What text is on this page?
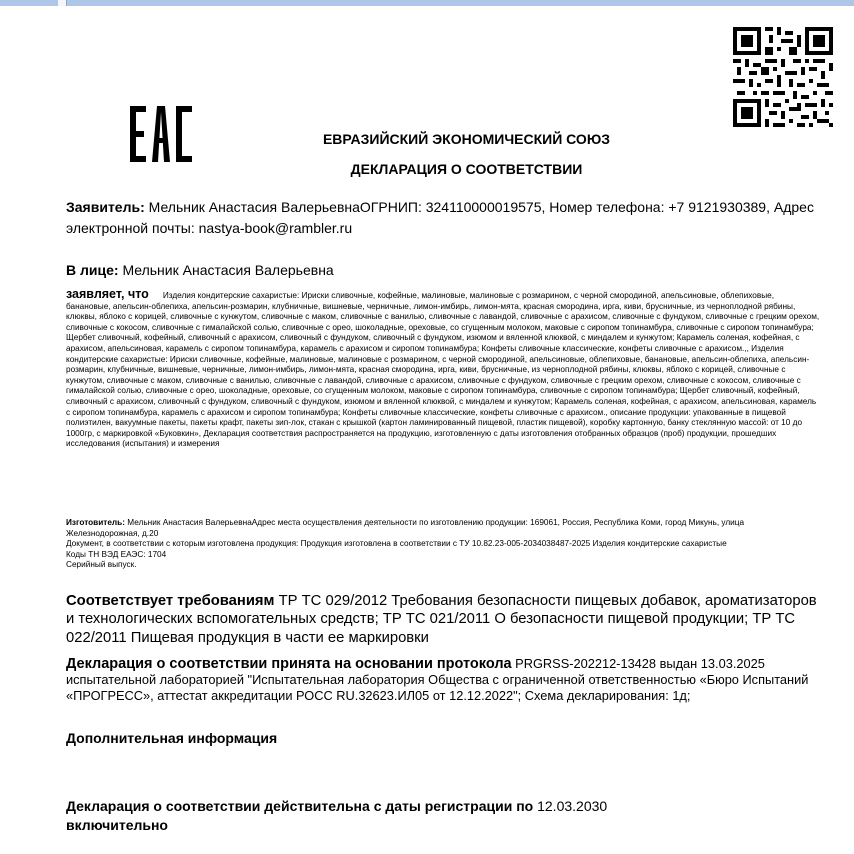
ЕВРАЗИЙСКИЙ ЭКОНОМИЧЕСКИЙ СОЮЗ
ДЕКЛАРАЦИЯ О СООТВЕТСТВИИ
Заявитель: Мельник Анастасия ВалерьевнаОГРНИП: 324110000019575, Номер телефона: +7 9121930389, Адрес электронной почты: nastya-book@rambler.ru
В лице: Мельник Анастасия Валерьевна
заявляет, что Изделия кондитерские сахаристые: Ириски сливочные, кофейные, малиновые, малиновые с розмарином, с черной смородиной, апельсиновые, облепиховые, банановые, апельсин-облепиха, апельсин-розмарин, клубничные, вишневые, черничные, лимон-имбирь, лимон-мята, красная смородина, ирга, киви, брусничные, из черноплодной рябины, клюквы, яблоко с корицей, сливочные с кунжутом, сливочные с маком, сливочные с ванилью, сливочные с лавандой, сливочные с арахисом, сливочные с фундуком, сливочные с грецким орехом, сливочные с кокосом, сливочные с гималайской солью, сливочные с орео, шоколадные, ореховые, со сгущенным молоком, маковые с сиропом топинамбура, сливочные с сиропом топинамбура; Щербет сливочный, кофейный, сливочный с арахисом, сливочный с фундуком, сливочный с фундуком, изюмом и вяленной клюквой, с миндалем и кунжутом; Карамель соленая, кофейная, с арахисом, апельсиновая, карамель с сиропом топинамбура, карамель с арахисом и сиропом топинамбура; Конфеты сливочные классические, конфеты сливочные с арахисом.,, Изделия кондитерские сахаристые: Ириски сливочные, кофейные, малиновые, малиновые с розмарином, с черной смородиной, апельсиновые, облепиховые, банановые, апельсин-облепиха, апельсин-розмарин, клубничные, вишневые, черничные, лимон-имбирь, лимон-мята, красная смородина, ирга, киви, брусничные, из черноплодной рябины, клюквы, яблоко с корицей, сливочные с кунжутом, сливочные с маком, сливочные с ванилью, сливочные с лавандой, сливочные с арахисом, сливочные с фундуком, сливочные с грецким орехом, сливочные с кокосом, сливочные с гималайской солью, сливочные с орео, шоколадные, ореховые, со сгущенным молоком, маковые с сиропом топинамбура, сливочные с сиропом топинамбура; Щербет сливочный, кофейный, сливочный с арахисом, сливочный с фундуком, сливочный с фундуком, изюмом и вяленной клюквой, с миндалем и кунжутом; Карамель соленая, кофейная, с арахисом, апельсиновая, карамель с сиропом топинамбура, карамель с арахисом и сиропом топинамбура; Конфеты сливочные классические, конфеты сливочные с арахисом., описание продукции: упакованные в пищевой полиэтилен, вакуумные пакеты, пакеты крафт, пакеты зип-лок, стакан с крышкой (картон ламинированный пищевой, пластик пищевой), коробку картонную, банку стеклянную массой: от 10 до 1000гр, с маркировкой «Буковкин», Декларация соответствия распространяется на продукцию, изготовленную с даты изготовления отобранных образцов (проб) продукции, прошедших исследования (испытания) и измерения
Изготовитель: Мельник Анастасия ВалерьевнаАдрес места осуществления деятельности по изготовлению продукции: 169061, Россия, Республика Коми, город Микунь, улица Железнодорожная, д.20
Документ, в соответствии с которым изготовлена продукция: Продукция изготовлена в соответствии с ТУ 10.82.23-005-2034038487-2025 Изделия кондитерские сахаристые
Коды ТН ВЭД ЕАЭС: 1704
Серийный выпуск.
Соответствует требованиям ТР ТС 029/2012 Требования безопасности пищевых добавок, ароматизаторов и технологических вспомогательных средств; ТР ТС 021/2011 О безопасности пищевой продукции; ТР ТС 022/2011 Пищевая продукция в части ее маркировки
Декларация о соответствии принята на основании протокола PRGRSS-202212-13428 выдан 13.03.2025 испытательной лабораторией "Испытательная лаборатория Общества с ограниченной ответственностью «Бюро Испытаний «ПРОГРЕСС», аттестат аккредитации РОСС RU.32623.ИЛ05 от 12.12.2022"; Схема декларирования: 1д;
Дополнительная информация
Декларация о соответствии действительна с даты регистрации по 12.03.2030
включительно
